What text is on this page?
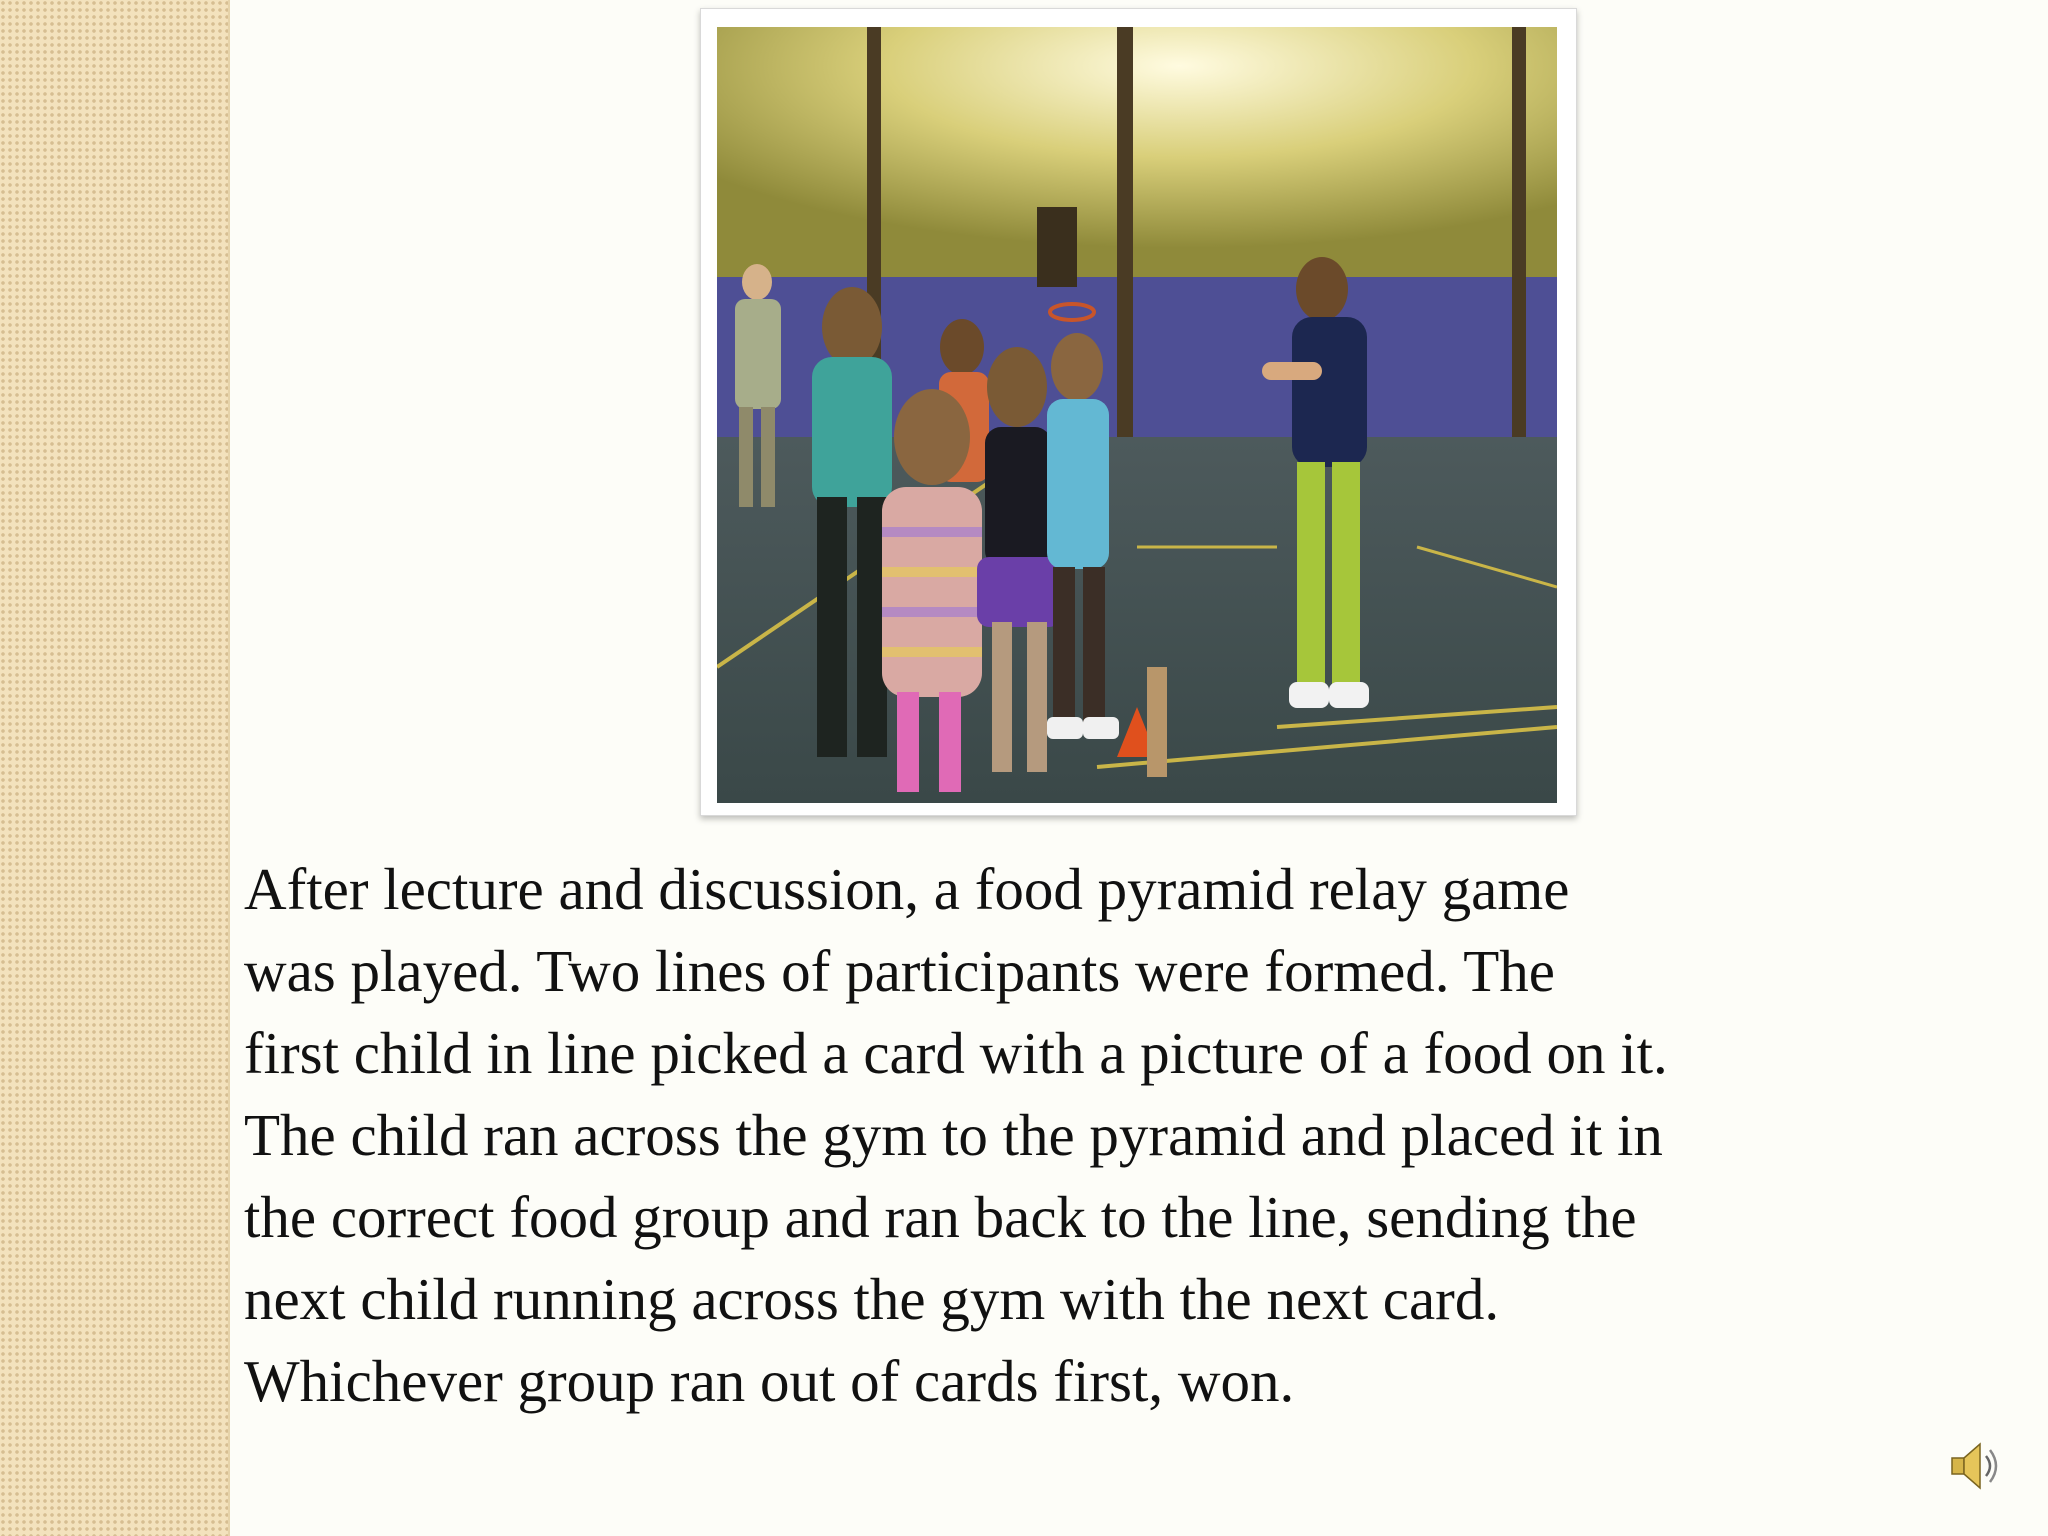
After lecture and discussion, a food pyramid relay game
was played. Two lines of participants were formed. The
first child in line picked a card with a picture of a food on it.
The child ran across the gym to the pyramid and placed it in
the correct food group and ran back to the line, sending the
next child running across the gym with the next card.
Whichever group ran out of cards first, won.
